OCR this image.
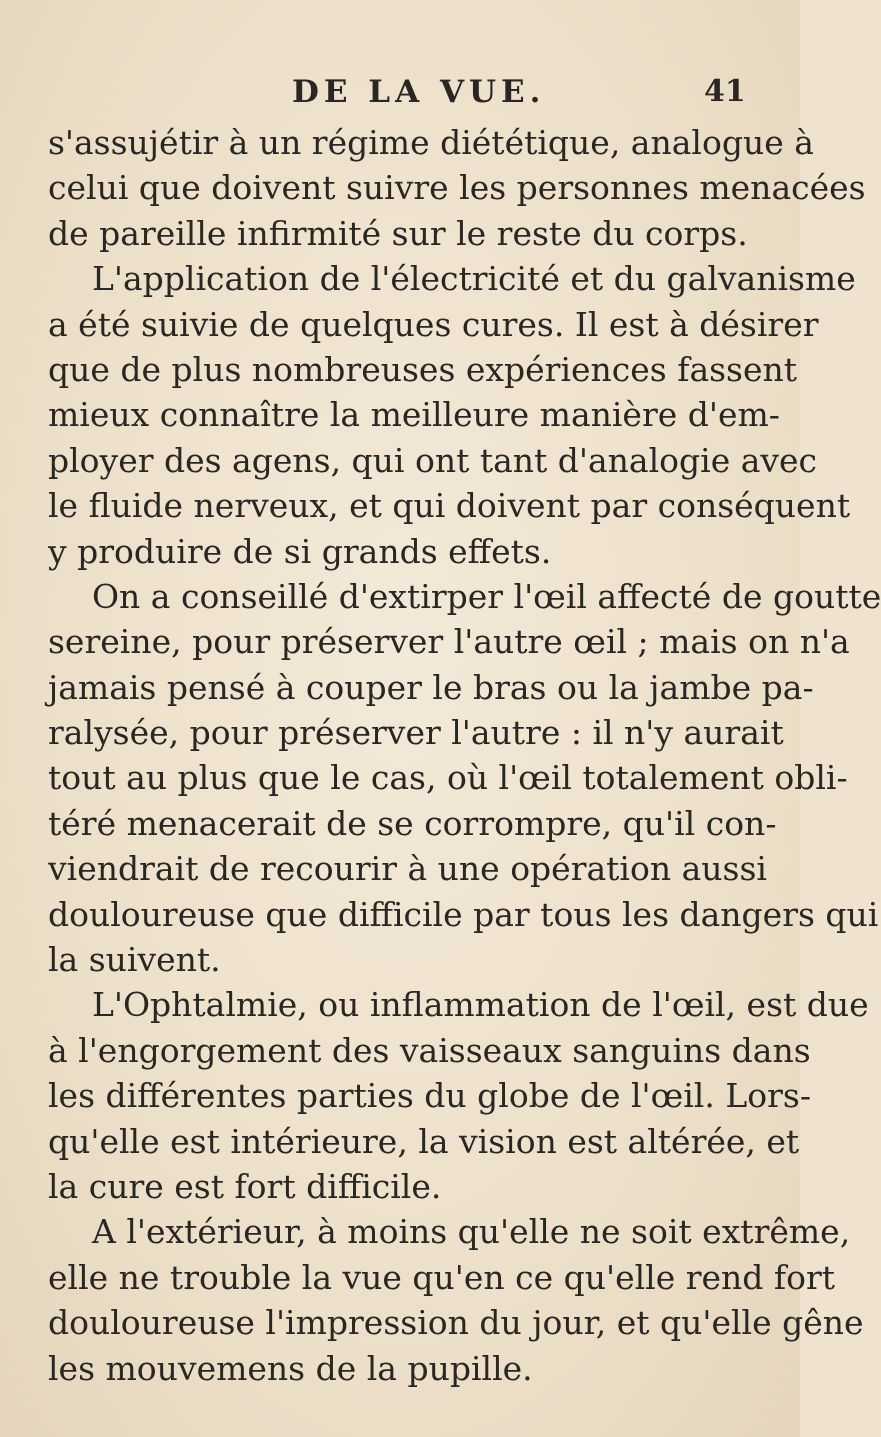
DE LA VUE.	41
s'assujétir à un régime diététique, analogue à
celui que doivent suivre les personnes menacées
de pareille infirmité sur le reste du corps.
L'application de l'électricité et du galvanisme
a été suivie de quelques cures. Il est à désirer
que de plus nombreuses expériences fassent
mieux connaître la meilleure manière d'em-
ployer des agens, qui ont tant d'analogie avec
le fluide nerveux, et qui doivent par conséquent
y produire de si grands effets.
On a conseillé d'extirper l'œil affecté de goutte
sereine, pour préserver l'autre œil ; mais on n'a
jamais pensé à couper le bras ou la jambe pa-
ralysée, pour préserver l'autre : il n'y aurait
tout au plus que le cas, où l'œil totalement obli-
téré menacerait de se corrompre, qu'il con-
viendrait de recourir à une opération aussi
douloureuse que difficile par tous les dangers qui
la suivent.
L'Ophtalmie, ou inflammation de l'œil, est due
à l'engorgement des vaisseaux sanguins dans
les différentes parties du globe de l'œil. Lors-
qu'elle est intérieure, la vision est altérée, et
la cure est fort difficile.
A l'extérieur, à moins qu'elle ne soit extrême,
elle ne trouble la vue qu'en ce qu'elle rend fort
douloureuse l'impression du jour, et qu'elle gêne
les mouvemens de la pupille.
